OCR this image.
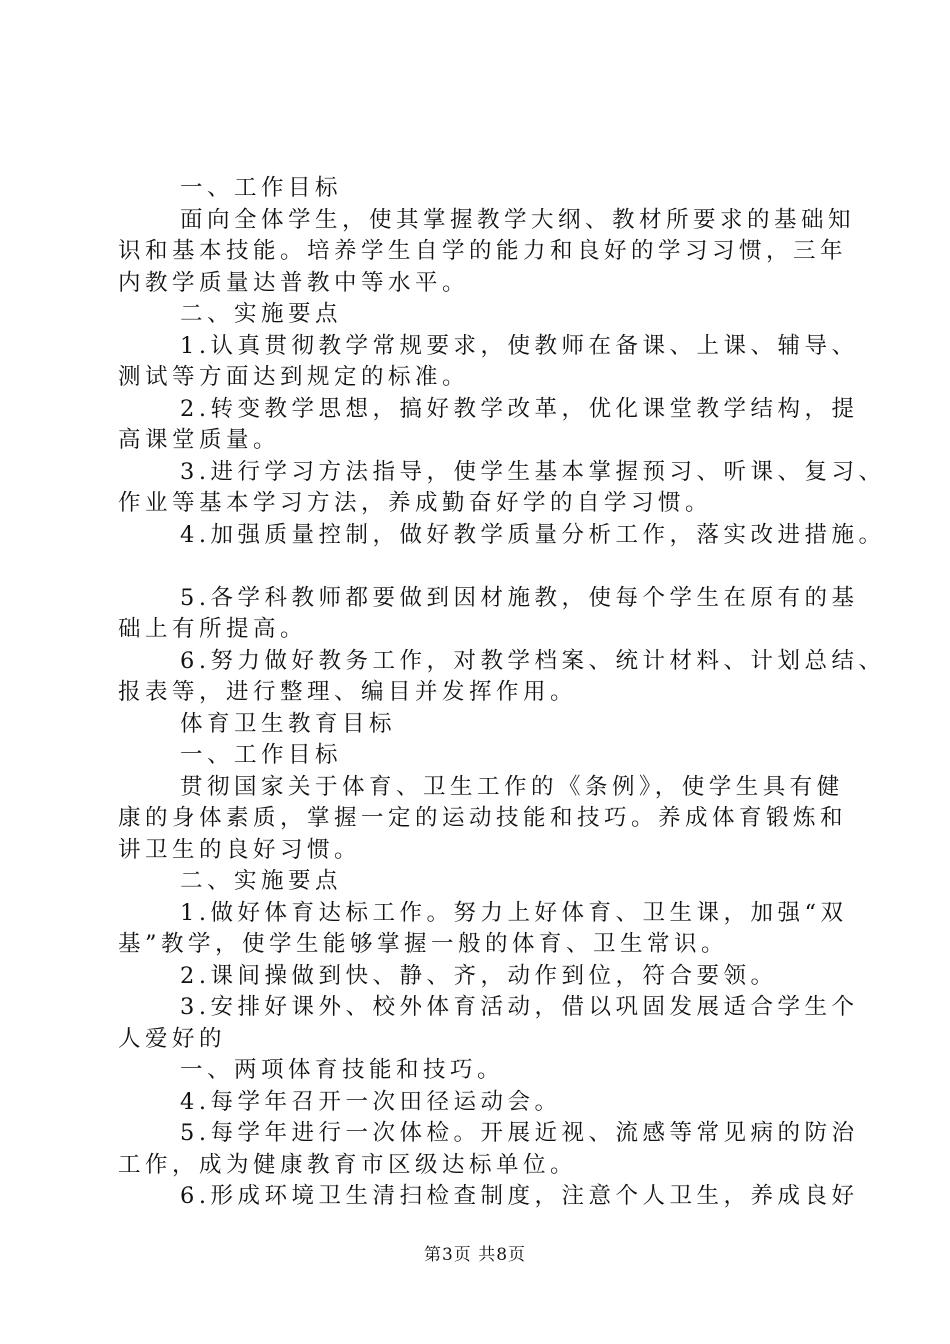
一、工作目标
面向全体学生，使其掌握教学大纲、教材所要求的基础知
识和基本技能。培养学生自学的能力和良好的学习习惯，三年
内教学质量达普教中等水平。
二、实施要点
1.认真贯彻教学常规要求，使教师在备课、上课、辅导、
测试等方面达到规定的标准。
2.转变教学思想，搞好教学改革，优化课堂教学结构，提
高课堂质量。
3.进行学习方法指导，使学生基本掌握预习、听课、复习、
作业等基本学习方法，养成勤奋好学的自学习惯。
4.加强质量控制，做好教学质量分析工作，落实改进措施。
5.各学科教师都要做到因材施教，使每个学生在原有的基
础上有所提高。
6.努力做好教务工作，对教学档案、统计材料、计划总结、
报表等，进行整理、编目并发挥作用。
体育卫生教育目标
一、工作目标
贯彻国家关于体育、卫生工作的《条例》，使学生具有健
康的身体素质，掌握一定的运动技能和技巧。养成体育锻炼和
讲卫生的良好习惯。
二、实施要点
1.做好体育达标工作。努力上好体育、卫生课，加强“双
基”教学，使学生能够掌握一般的体育、卫生常识。
2.课间操做到快、静、齐，动作到位，符合要领。
3.安排好课外、校外体育活动，借以巩固发展适合学生个
人爱好的
一、两项体育技能和技巧。
4.每学年召开一次田径运动会。
5.每学年进行一次体检。开展近视、流感等常见病的防治
工作，成为健康教育市区级达标单位。
6.形成环境卫生清扫检查制度，注意个人卫生，养成良好
第3页 共8页
